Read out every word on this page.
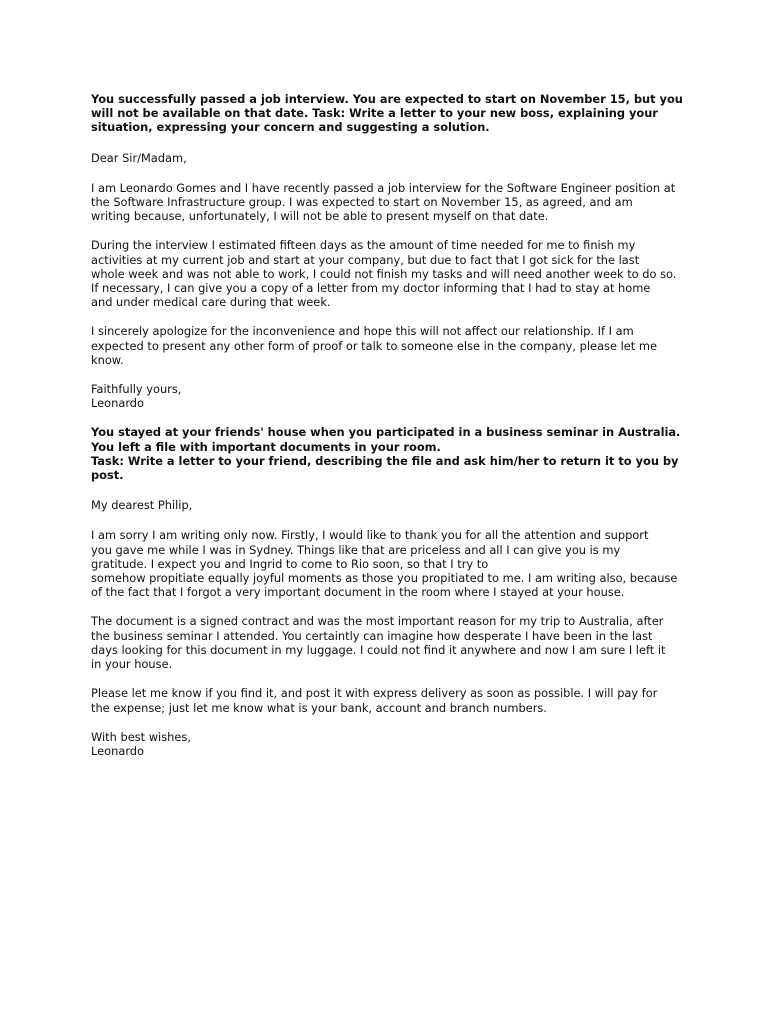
You successfully passed a job interview. You are expected to start on November 15, but you
will not be available on that date. Task: Write a letter to your new boss, explaining your
situation, expressing your concern and suggesting a solution.

Dear Sir/Madam,

I am Leonardo Gomes and I have recently passed a job interview for the Software Engineer position at
the Software Infrastructure group. I was expected to start on November 15, as agreed, and am
writing because, unfortunately, I will not be able to present myself on that date.

During the interview I estimated fifteen days as the amount of time needed for me to finish my
activities at my current job and start at your company, but due to fact that I got sick for the last
whole week and was not able to work, I could not finish my tasks and will need another week to do so.
If necessary, I can give you a copy of a letter from my doctor informing that I had to stay at home
and under medical care during that week.

I sincerely apologize for the inconvenience and hope this will not affect our relationship. If I am
expected to present any other form of proof or talk to someone else in the company, please let me
know.

Faithfully yours,
Leonardo

You stayed at your friends' house when you participated in a business seminar in Australia.
You left a file with important documents in your room.
Task: Write a letter to your friend, describing the file and ask him/her to return it to you by
post.

My dearest Philip,

I am sorry I am writing only now. Firstly, I would like to thank you for all the attention and support
you gave me while I was in Sydney. Things like that are priceless and all I can give you is my
gratitude. I expect you and Ingrid to come to Rio soon, so that I try to
somehow propitiate equally joyful moments as those you propitiated to me. I am writing also, because
of the fact that I forgot a very important document in the room where I stayed at your house.

The document is a signed contract and was the most important reason for my trip to Australia, after
the business seminar I attended. You certaintly can imagine how desperate I have been in the last
days looking for this document in my luggage. I could not find it anywhere and now I am sure I left it
in your house.

Please let me know if you find it, and post it with express delivery as soon as possible. I will pay for
the expense; just let me know what is your bank, account and branch numbers.

With best wishes,
Leonardo
